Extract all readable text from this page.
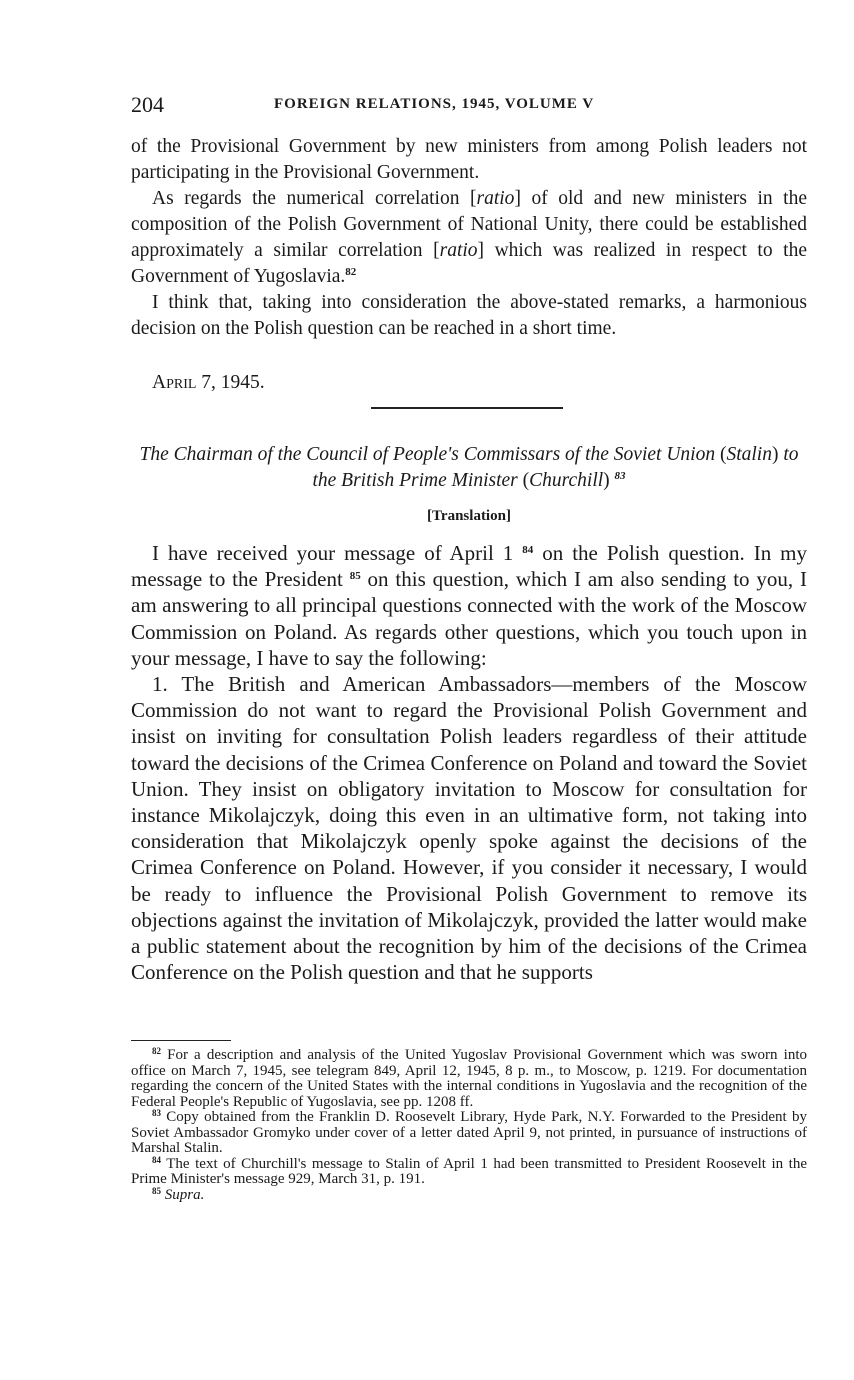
204	FOREIGN RELATIONS, 1945, VOLUME V

of the Provisional Government by new ministers from among Polish leaders not participating in the Provisional Government.

As regards the numerical correlation [ratio] of old and new ministers in the composition of the Polish Government of National Unity, there could be established approximately a similar correlation [ratio] which was realized in respect to the Government of Yugoslavia.$^{82}$

I think that, taking into consideration the above-stated remarks, a harmonious decision on the Polish question can be reached in a short time.

April 7, 1945.

The Chairman of the Council of People's Commissars of the Soviet Union (Stalin) to the British Prime Minister (Churchill) $^{83}$
[Translation]

I have received your message of April 1 $^{84}$ on the Polish question. In my message to the President $^{85}$ on this question, which I am also sending to you, I am answering to all principal questions connected with the work of the Moscow Commission on Poland. As regards other questions, which you touch upon in your message, I have to say the following:

1. The British and American Ambassadors—members of the Moscow Commission do not want to regard the Provisional Polish Government and insist on inviting for consultation Polish leaders regardless of their attitude toward the decisions of the Crimea Conference on Poland and toward the Soviet Union. They insist on obligatory invitation to Moscow for consultation for instance Mikolajczyk, doing this even in an ultimative form, not taking into consideration that Mikolajczyk openly spoke against the decisions of the Crimea Conference on Poland. However, if you consider it necessary, I would be ready to influence the Provisional Polish Government to remove its objections against the invitation of Mikolajczyk, provided the latter would make a public statement about the recognition by him of the decisions of the Crimea Conference on the Polish question and that he supports

$^{82}$ For a description and analysis of the United Yugoslav Provisional Government which was sworn into office on March 7, 1945, see telegram 849, April 12, 1945, 8 p. m., to Moscow, p. 1219. For documentation regarding the concern of the United States with the internal conditions in Yugoslavia and the recognition of the Federal People's Republic of Yugoslavia, see pp. 1208 ff.

$^{83}$ Copy obtained from the Franklin D. Roosevelt Library, Hyde Park, N.Y. Forwarded to the President by Soviet Ambassador Gromyko under cover of a letter dated April 9, not printed, in pursuance of instructions of Marshal Stalin.

$^{84}$ The text of Churchill's message to Stalin of April 1 had been transmitted to President Roosevelt in the Prime Minister's message 929, March 31, p. 191.

$^{85}$ Supra.
